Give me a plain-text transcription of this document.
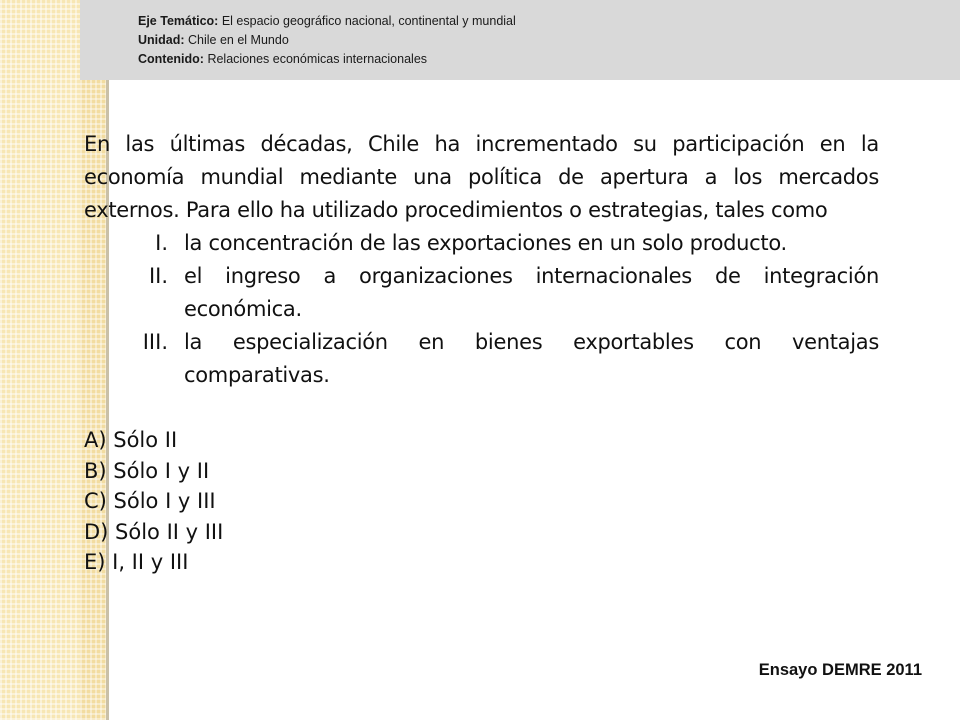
Eje Temático: El espacio geográfico nacional, continental y mundial
Unidad: Chile en el Mundo
Contenido: Relaciones económicas internacionales

En las últimas décadas, Chile ha incrementado su participación en la economía mundial mediante una política de apertura a los mercados externos. Para ello ha utilizado procedimientos o estrategias, tales como

I. la concentración de las exportaciones en un solo producto.
II. el ingreso a organizaciones internacionales de integración económica.
III. la especialización en bienes exportables con ventajas comparativas.
A) Sólo II
B) Sólo I y II
C) Sólo I y III
D) Sólo II y III
E) I, II y III
Ensayo DEMRE 2011
